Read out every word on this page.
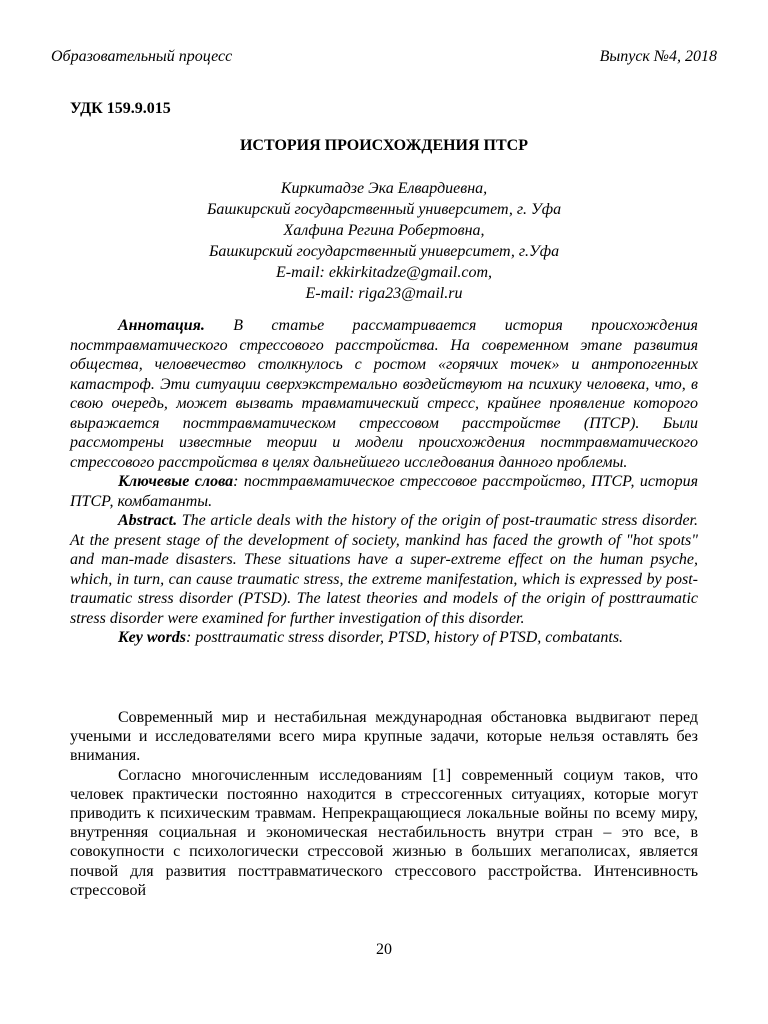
Образовательный процесс	Выпуск №4, 2018
УДК 159.9.015
ИСТОРИЯ ПРОИСХОЖДЕНИЯ ПТСР
Киркитадзе Эка Елвардиевна,
Башкирский государственный университет, г. Уфа
Халфина Регина Робертовна,
Башкирский государственный университет, г.Уфа
E-mail: ekkirkitadze@gmail.com,
E-mail: riga23@mail.ru

Аннотация. В статье рассматривается история происхождения посттравматического стрессового расстройства. На современном этапе развития общества, человечество столкнулось с ростом «горячих точек» и антропогенных катастроф. Эти ситуации сверхэкстремально воздействуют на психику человека, что, в свою очередь, может вызвать травматический стресс, крайнее проявление которого выражается посттравматическом стрессовом расстройстве (ПТСР). Были рассмотрены известные теории и модели происхождения посттравматического стрессового расстройства в целях дальнейшего исследования данного проблемы.

Ключевые слова: посттравматическое стрессовое расстройство, ПТСР, история ПТСР, комбатанты.

Abstract. The article deals with the history of the origin of post-traumatic stress disorder. At the present stage of the development of society, mankind has faced the growth of "hot spots" and man-made disasters. These situations have a super-extreme effect on the human psyche, which, in turn, can cause traumatic stress, the extreme manifestation, which is expressed by post-traumatic stress disorder (PTSD). The latest theories and models of the origin of posttraumatic stress disorder were examined for further investigation of this disorder.

Key words: posttraumatic stress disorder, PTSD, history of PTSD, combatants.

Современный мир и нестабильная международная обстановка выдвигают перед учеными и исследователями всего мира крупные задачи, которые нельзя оставлять без внимания.

Согласно многочисленным исследованиям [1] современный социум таков, что человек практически постоянно находится в стрессогенных ситуациях, которые могут приводить к психическим травмам. Непрекращающиеся локальные войны по всему миру, внутренняя социальная и экономическая нестабильность внутри стран – это все, в совокупности с психологически стрессовой жизнью в больших мегаполисах, является почвой для развития посттравматического стрессового расстройства. Интенсивность стрессовой

20
